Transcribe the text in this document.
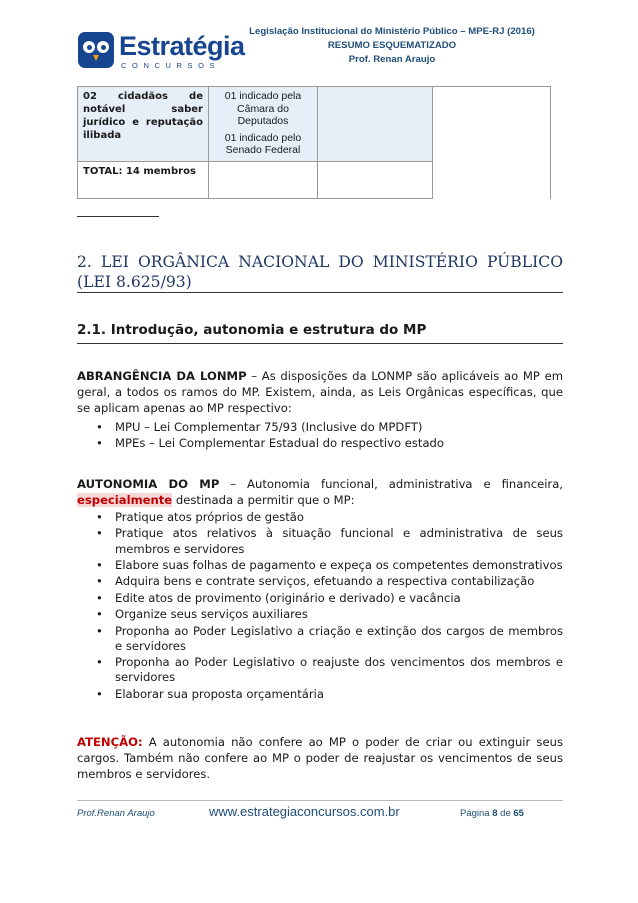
Estratégia
CONCURSOS
Legislação Institucional do Ministério Público – MPE-RJ (2016)
RESUMO ESQUEMATIZADO
Prof. Renan Araujo
02 cidadãos de notável saber jurídico e reputação ilibada	01 indicado pela Câmara do Deputados

01 indicado pelo Senado Federal		

TOTAL: 14 membros			
2. LEI ORGÂNICA NACIONAL DO MINISTÉRIO PÚBLICO (LEI 8.625/93)
2.1. Introdução, autonomia e estrutura do MP

ABRANGÊNCIA DA LONMP – As disposições da LONMP são aplicáveis ao MP em geral, a todos os ramos do MP. Existem, ainda, as Leis Orgânicas específicas, que se aplicam apenas ao MP respectivo:

• MPU – Lei Complementar 75/93 (Inclusive do MPDFT)
• MPEs – Lei Complementar Estadual do respectivo estado

AUTONOMIA DO MP – Autonomia funcional, administrativa e financeira, especialmente destinada a permitir que o MP:

• Pratique atos próprios de gestão
• Pratique atos relativos à situação funcional e administrativa de seus membros e servidores
• Elabore suas folhas de pagamento e expeça os competentes demonstrativos
• Adquira bens e contrate serviços, efetuando a respectiva contabilização
• Edite atos de provimento (originário e derivado) e vacância
• Organize seus serviços auxiliares
• Proponha ao Poder Legislativo a criação e extinção dos cargos de membros e servidores
• Proponha ao Poder Legislativo o reajuste dos vencimentos dos membros e servidores
• Elaborar sua proposta orçamentária

ATENÇÃO: A autonomia não confere ao MP o poder de criar ou extinguir seus cargos. Também não confere ao MP o poder de reajustar os vencimentos de seus membros e servidores.

Prof.Renan Araujo	www.estrategiaconcursos.com.br	Página 8 de 65
